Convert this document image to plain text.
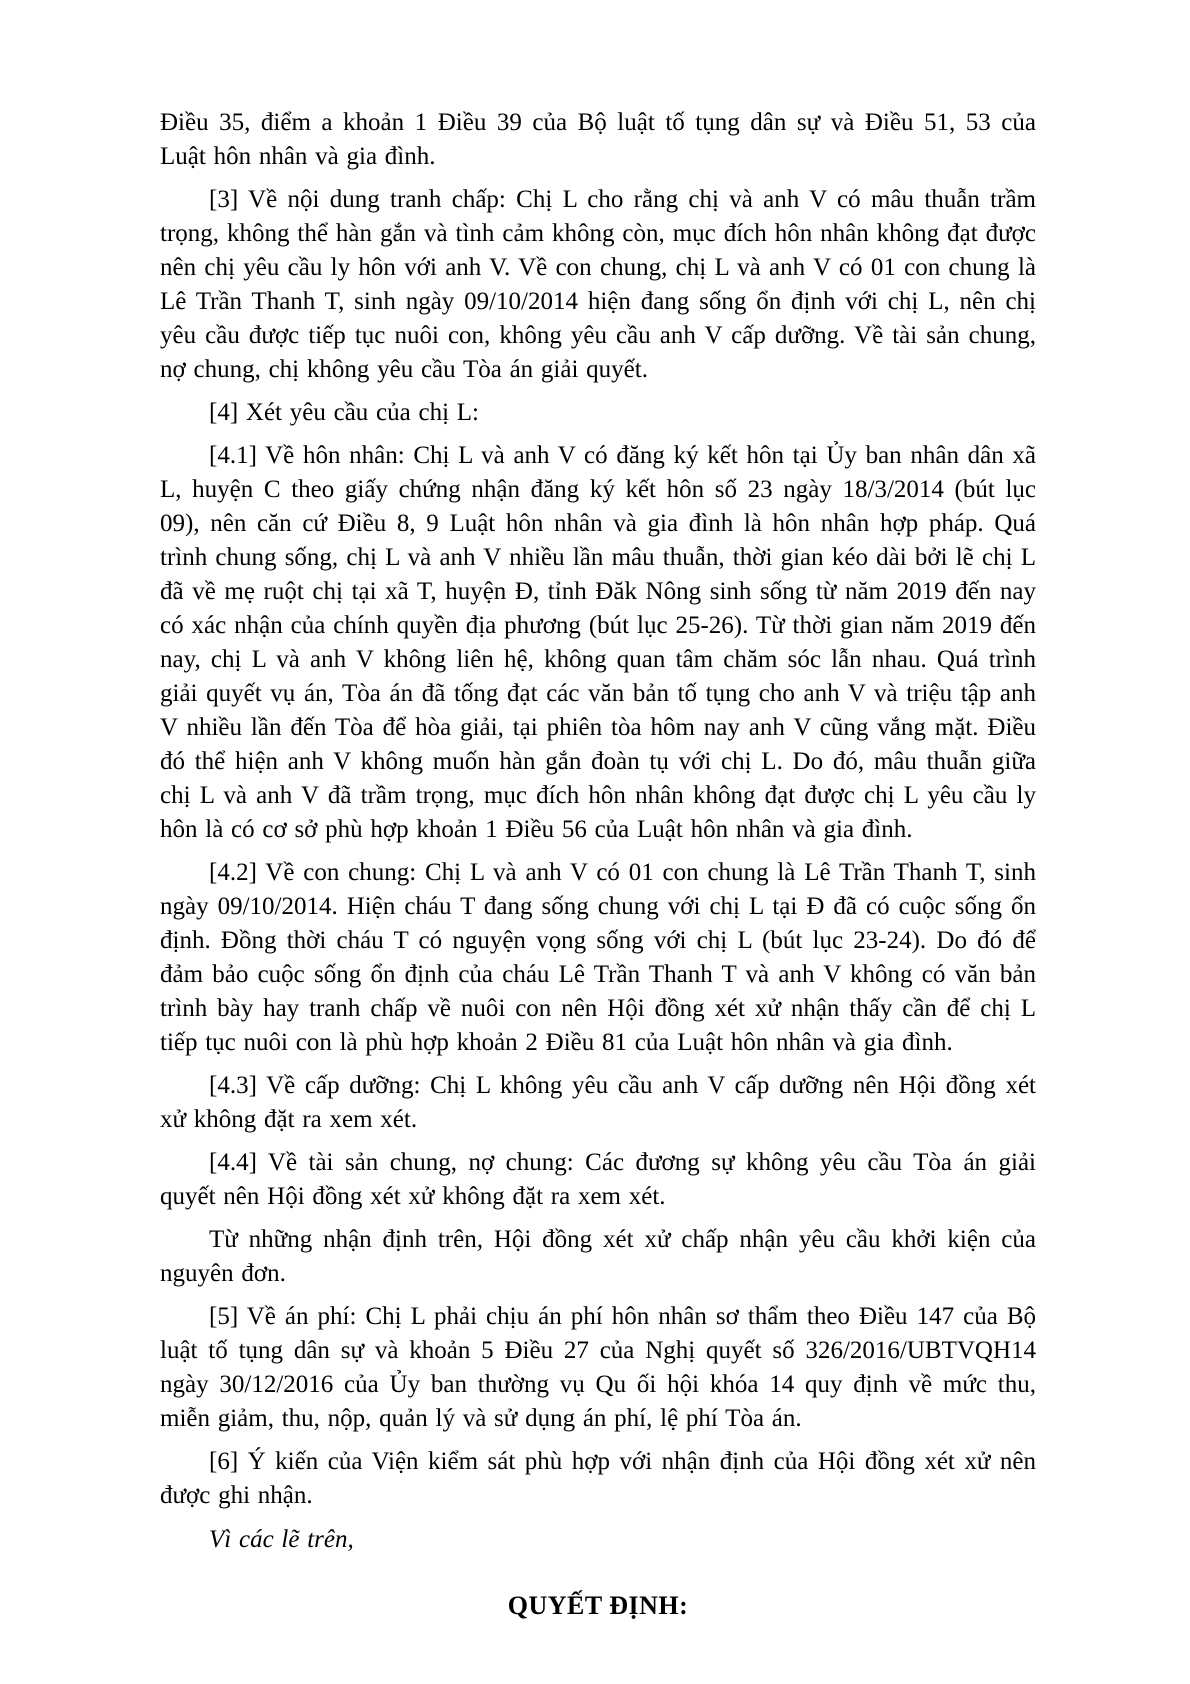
Điều 35, điểm a khoản 1 Điều 39 của Bộ luật tố tụng dân sự và Điều 51, 53 của Luật hôn nhân và gia đình.

[3] Về nội dung tranh chấp: Chị L cho rằng chị và anh V có mâu thuẫn trầm trọng, không thể hàn gắn và tình cảm không còn, mục đích hôn nhân không đạt được nên chị yêu cầu ly hôn với anh V. Về con chung, chị L và anh V có 01 con chung là Lê Trần Thanh T, sinh ngày 09/10/2014 hiện đang sống ổn định với chị L, nên chị yêu cầu được tiếp tục nuôi con, không yêu cầu anh V cấp dưỡng. Về tài sản chung, nợ chung, chị không yêu cầu Tòa án giải quyết.

[4] Xét yêu cầu của chị L:

[4.1] Về hôn nhân: Chị L và anh V có đăng ký kết hôn tại Ủy ban nhân dân xã L, huyện C theo giấy chứng nhận đăng ký kết hôn số 23 ngày 18/3/2014 (bút lục 09), nên căn cứ Điều 8, 9 Luật hôn nhân và gia đình là hôn nhân hợp pháp. Quá trình chung sống, chị L và anh V nhiều lần mâu thuẫn, thời gian kéo dài bởi lẽ chị L đã về mẹ ruột chị tại xã T, huyện Đ, tỉnh Đăk Nông sinh sống từ năm 2019 đến nay có xác nhận của chính quyền địa phương (bút lục 25-26). Từ thời gian năm 2019 đến nay, chị L và anh V không liên hệ, không quan tâm chăm sóc lẫn nhau. Quá trình giải quyết vụ án, Tòa án đã tống đạt các văn bản tố tụng cho anh V và triệu tập anh V nhiều lần đến Tòa để hòa giải, tại phiên tòa hôm nay anh V cũng vắng mặt. Điều đó thể hiện anh V không muốn hàn gắn đoàn tụ với chị L. Do đó, mâu thuẫn giữa chị L và anh V đã trầm trọng, mục đích hôn nhân không đạt được chị L yêu cầu ly hôn là có cơ sở phù hợp khoản 1 Điều 56 của Luật hôn nhân và gia đình.

[4.2] Về con chung: Chị L và anh V có 01 con chung là Lê Trần Thanh T, sinh ngày 09/10/2014. Hiện cháu T đang sống chung với chị L tại Đ đã có cuộc sống ổn định. Đồng thời cháu T có nguyện vọng sống với chị L (bút lục 23-24). Do đó để đảm bảo cuộc sống ổn định của cháu Lê Trần Thanh T và anh V không có văn bản trình bày hay tranh chấp về nuôi con nên Hội đồng xét xử nhận thấy cần để chị L tiếp tục nuôi con là phù hợp khoản 2 Điều 81 của Luật hôn nhân và gia đình.

[4.3] Về cấp dưỡng: Chị L không yêu cầu anh V cấp dưỡng nên Hội đồng xét xử không đặt ra xem xét.

[4.4] Về tài sản chung, nợ chung: Các đương sự không yêu cầu Tòa án giải quyết nên Hội đồng xét xử không đặt ra xem xét.

Từ những nhận định trên, Hội đồng xét xử chấp nhận yêu cầu khởi kiện của nguyên đơn.

[5] Về án phí: Chị L phải chịu án phí hôn nhân sơ thẩm theo Điều 147 của Bộ luật tố tụng dân sự và khoản 5 Điều 27 của Nghị quyết số 326/2016/UBTVQH14 ngày 30/12/2016 của Ủy ban thường vụ Qu ối hội khóa 14 quy định về mức thu, miễn giảm, thu, nộp, quản lý và sử dụng án phí, lệ phí Tòa án.

[6] Ý kiến của Viện kiểm sát phù hợp với nhận định của Hội đồng xét xử nên được ghi nhận.

Vì các lẽ trên,

QUYẾT ĐỊNH:
